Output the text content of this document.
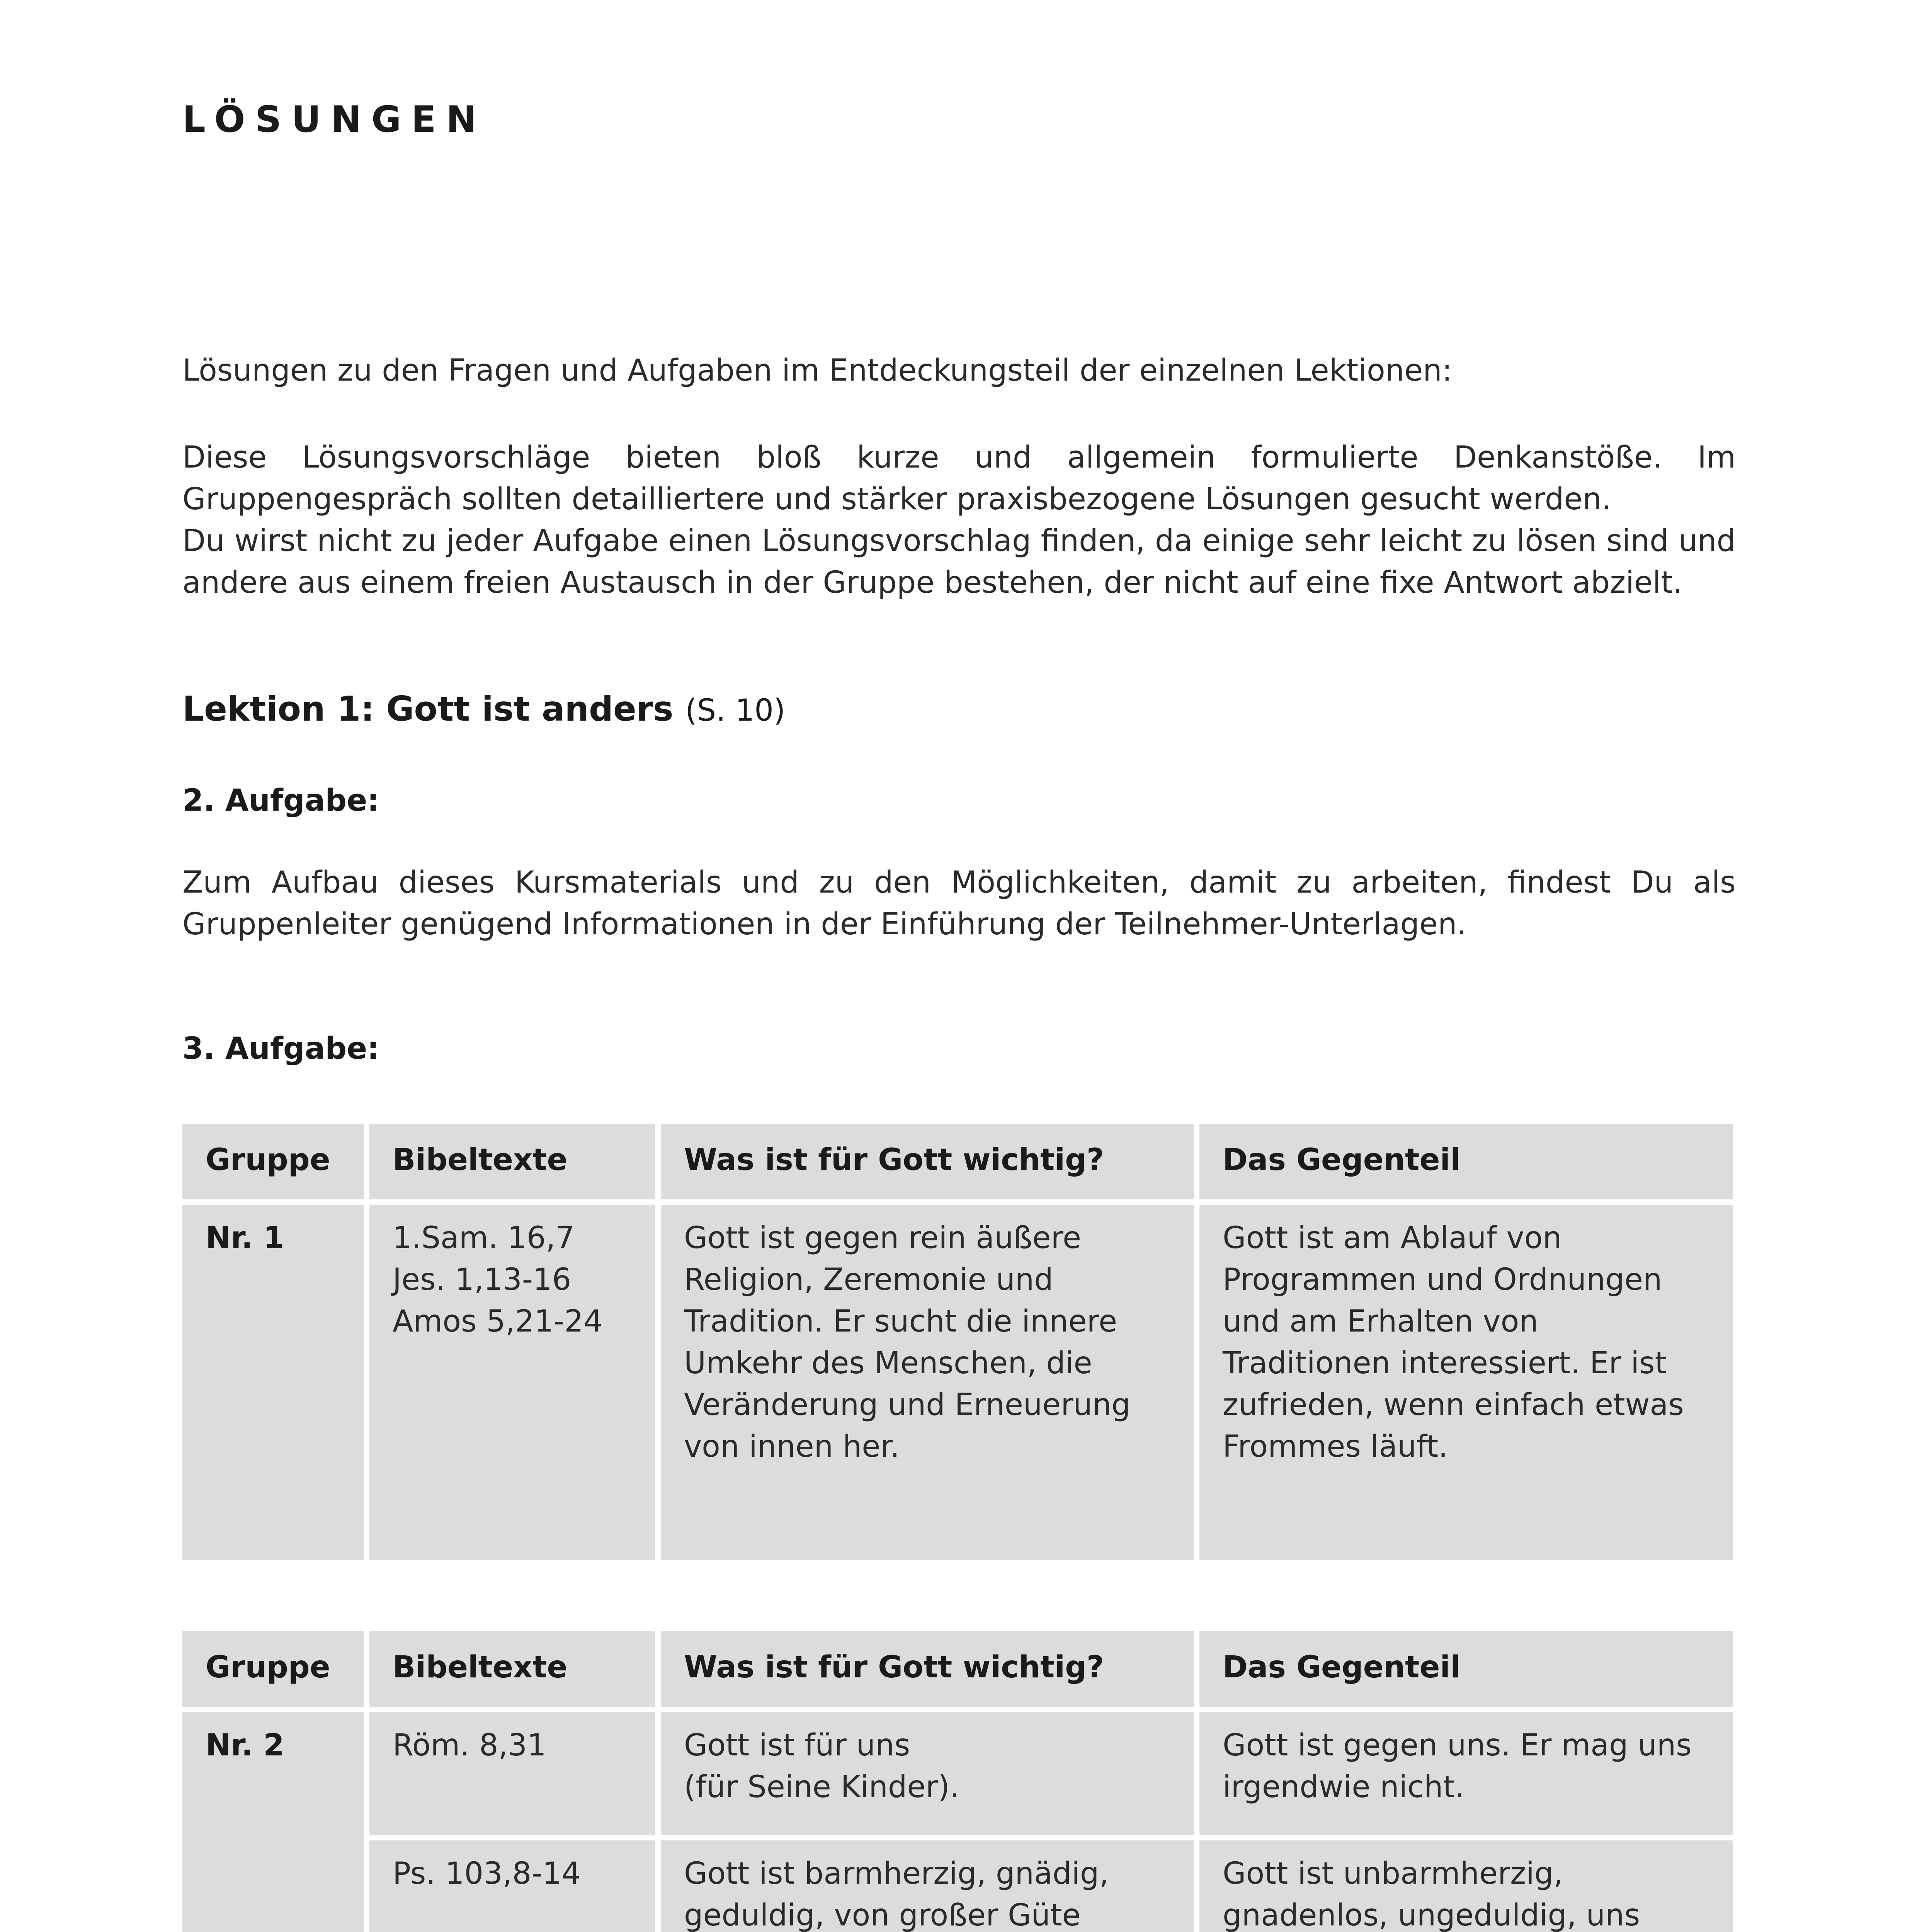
LÖSUNGEN

Lösungen zu den Fragen und Aufgaben im Entdeckungsteil der einzelnen Lektionen:

Diese Lösungsvorschläge bieten bloß kurze und allgemein formulierte Denkanstöße. Im Gruppengespräch sollten detailliertere und stärker praxisbezogene Lösungen gesucht werden.

Du wirst nicht zu jeder Aufgabe einen Lösungsvorschlag finden, da einige sehr leicht zu lösen sind und andere aus einem freien Austausch in der Gruppe bestehen, der nicht auf eine fixe Antwort abzielt.

Lektion 1: Gott ist anders (S. 10)
2. Aufgabe:

Zum Aufbau dieses Kursmaterials und zu den Möglichkeiten, damit zu arbeiten, findest Du als Gruppenleiter genügend Informationen in der Einführung der Teilnehmer-Unterlagen.

3. Aufgabe:
Gruppe	Bibeltexte	Was ist für Gott wichtig?	Das Gegenteil
Nr. 1	1.Sam. 16,7
Jes. 1,13-16
Amos 5,21-24	Gott ist gegen rein äußere Religion, Zeremonie und Tradition. Er sucht die innere Umkehr des Menschen, die Veränderung und Erneuerung von innen her.	Gott ist am Ablauf von Programmen und Ordnungen und am Erhalten von Traditionen interessiert. Er ist zufrieden, wenn einfach etwas Frommes läuft.
Gruppe	Bibeltexte	Was ist für Gott wichtig?	Das Gegenteil
Nr. 2	Röm. 8,31	Gott ist für uns
(für Seine Kinder).	Gott ist gegen uns. Er mag uns irgendwie nicht.
	Ps. 103,8-14	Gott ist barmherzig, gnädig, geduldig, von großer Güte	Gott ist unbarmherzig, gnadenlos, ungeduldig, uns
